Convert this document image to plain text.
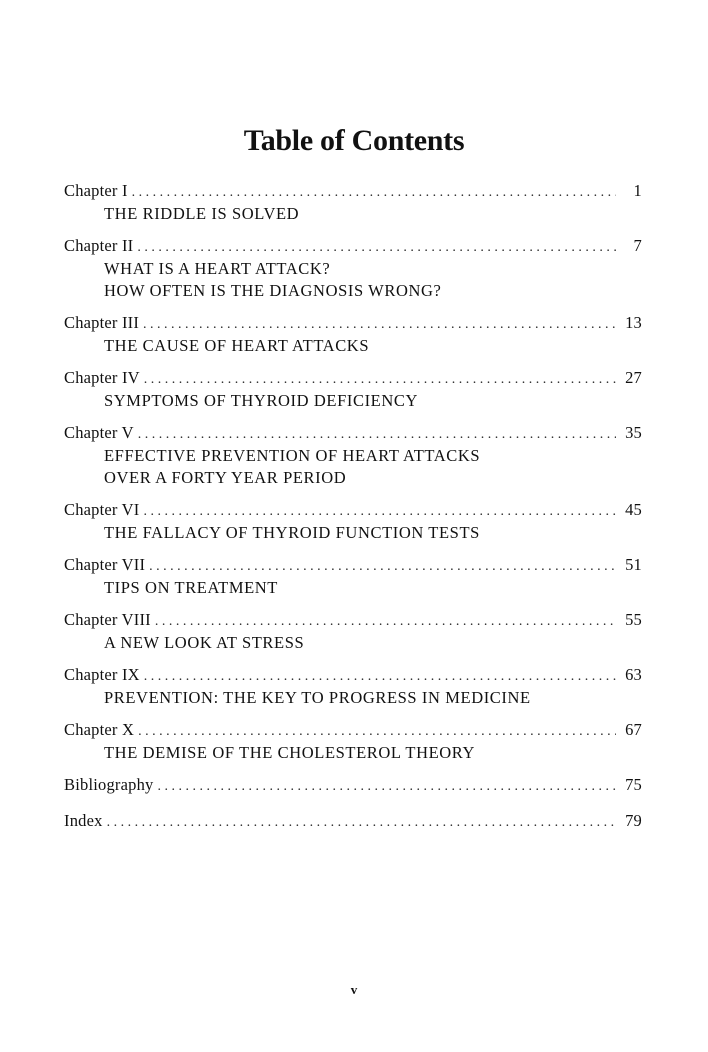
Table of Contents
Chapter I . . .	1
THE RIDDLE IS SOLVED
Chapter II . . .	7
WHAT IS A HEART ATTACK?
HOW OFTEN IS THE DIAGNOSIS WRONG?
Chapter III . . .	13
THE CAUSE OF HEART ATTACKS
Chapter IV . . .	27
SYMPTOMS OF THYROID DEFICIENCY
Chapter V . . .	35
EFFECTIVE PREVENTION OF HEART ATTACKS
OVER A FORTY YEAR PERIOD
Chapter VI . . .	45
THE FALLACY OF THYROID FUNCTION TESTS
Chapter VII . . .	51
TIPS ON TREATMENT
Chapter VIII . . .	55
A NEW LOOK AT STRESS
Chapter IX . . .	63
PREVENTION: THE KEY TO PROGRESS IN MEDICINE
Chapter X . . .	67
THE DEMISE OF THE CHOLESTEROL THEORY
Bibliography . . .	75
Index . . .	79
v
